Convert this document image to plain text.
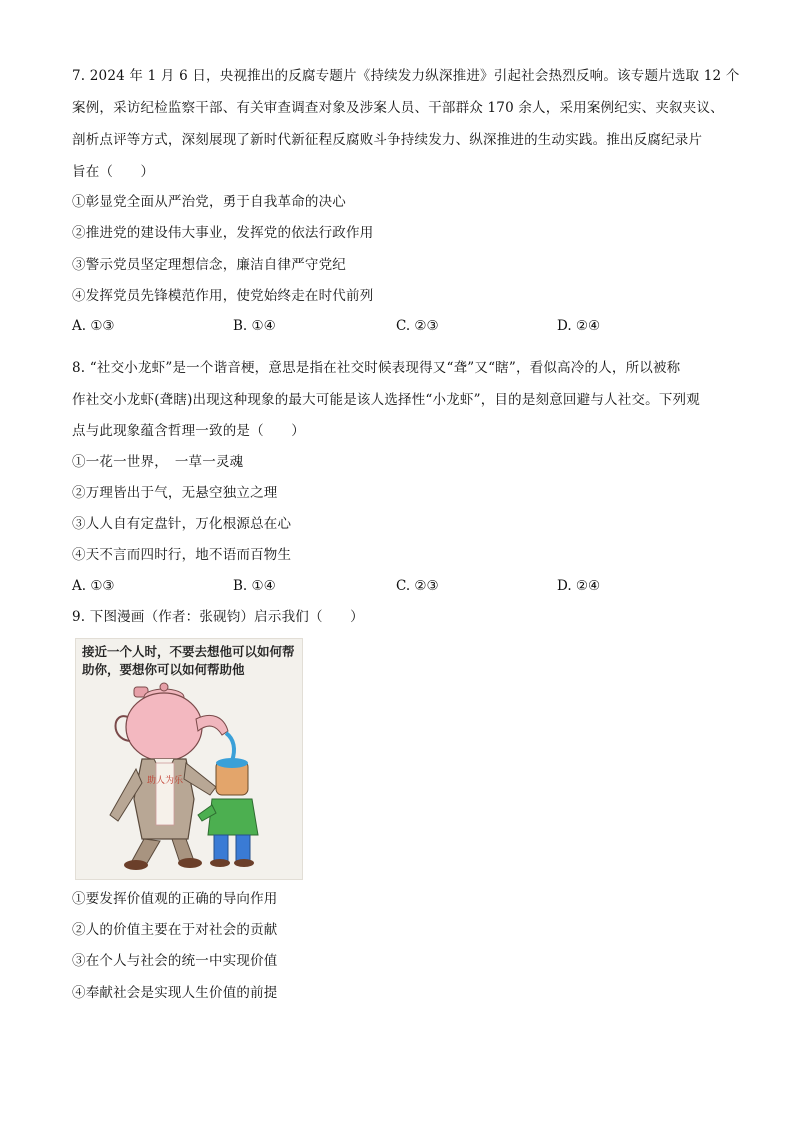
7. 2024 年 1 月 6 日，央视推出的反腐专题片《持续发力纵深推进》引起社会热烈反响。该专题片选取 12 个
案例，采访纪检监察干部、有关审查调查对象及涉案人员、干部群众 170 余人，采用案例纪实、夹叙夹议、
剖析点评等方式，深刻展现了新时代新征程反腐败斗争持续发力、纵深推进的生动实践。推出反腐纪录片
旨在（　　）
①彰显党全面从严治党，勇于自我革命的决心
②推进党的建设伟大事业，发挥党的依法行政作用
③警示党员坚定理想信念，廉洁自律严守党纪
④发挥党员先锋模范作用，使党始终走在时代前列
A. ①③	B. ①④	C. ②③	D. ②④
8. “社交小龙虾”是一个谐音梗，意思是指在社交时候表现得又“聋”又“瞎”，看似高冷的人，所以被称
作社交小龙虾(聋瞎)出现这种现象的最大可能是该人选择性“小龙虾”，目的是刻意回避与人社交。下列观
点与此现象蕴含哲理一致的是（　　）
①一花一世界，　一草一灵魂
②万理皆出于气，无悬空独立之理
③人人自有定盘针，万化根源总在心
④天不言而四时行，地不语而百物生
A. ①③	B. ①④	C. ②③	D. ②④
9. 下图漫画（作者：张砚钧）启示我们（　　）
接近一个人时，不要去想他可以如何帮助你，要想你可以如何帮助他
助人为乐
①要发挥价值观的正确的导向作用
②人的价值主要在于对社会的贡献
③在个人与社会的统一中实现价值
④奉献社会是实现人生价值的前提
